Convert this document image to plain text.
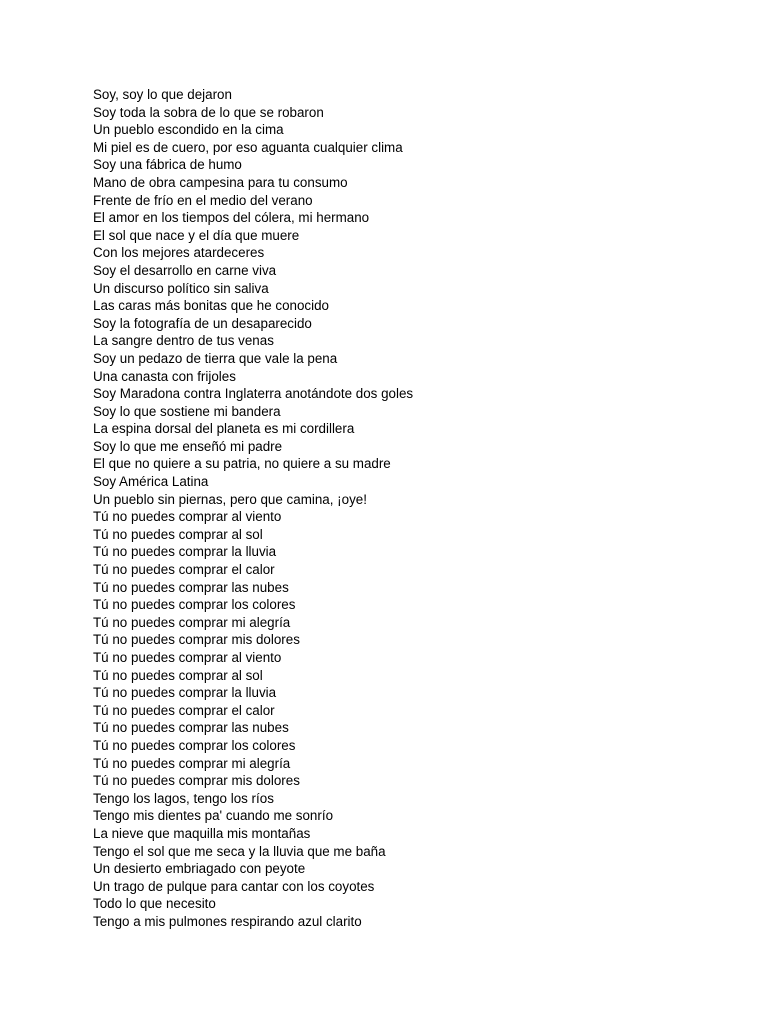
Soy, soy lo que dejaron
Soy toda la sobra de lo que se robaron
Un pueblo escondido en la cima
Mi piel es de cuero, por eso aguanta cualquier clima
Soy una fábrica de humo
Mano de obra campesina para tu consumo
Frente de frío en el medio del verano
El amor en los tiempos del cólera, mi hermano
El sol que nace y el día que muere
Con los mejores atardeceres
Soy el desarrollo en carne viva
Un discurso político sin saliva
Las caras más bonitas que he conocido
Soy la fotografía de un desaparecido
La sangre dentro de tus venas
Soy un pedazo de tierra que vale la pena
Una canasta con frijoles
Soy Maradona contra Inglaterra anotándote dos goles
Soy lo que sostiene mi bandera
La espina dorsal del planeta es mi cordillera
Soy lo que me enseñó mi padre
El que no quiere a su patria, no quiere a su madre
Soy América Latina
Un pueblo sin piernas, pero que camina, ¡oye!
Tú no puedes comprar al viento
Tú no puedes comprar al sol
Tú no puedes comprar la lluvia
Tú no puedes comprar el calor
Tú no puedes comprar las nubes
Tú no puedes comprar los colores
Tú no puedes comprar mi alegría
Tú no puedes comprar mis dolores
Tú no puedes comprar al viento
Tú no puedes comprar al sol
Tú no puedes comprar la lluvia
Tú no puedes comprar el calor
Tú no puedes comprar las nubes
Tú no puedes comprar los colores
Tú no puedes comprar mi alegría
Tú no puedes comprar mis dolores
Tengo los lagos, tengo los ríos
Tengo mis dientes pa' cuando me sonrío
La nieve que maquilla mis montañas
Tengo el sol que me seca y la lluvia que me baña
Un desierto embriagado con peyote
Un trago de pulque para cantar con los coyotes
Todo lo que necesito
Tengo a mis pulmones respirando azul clarito
